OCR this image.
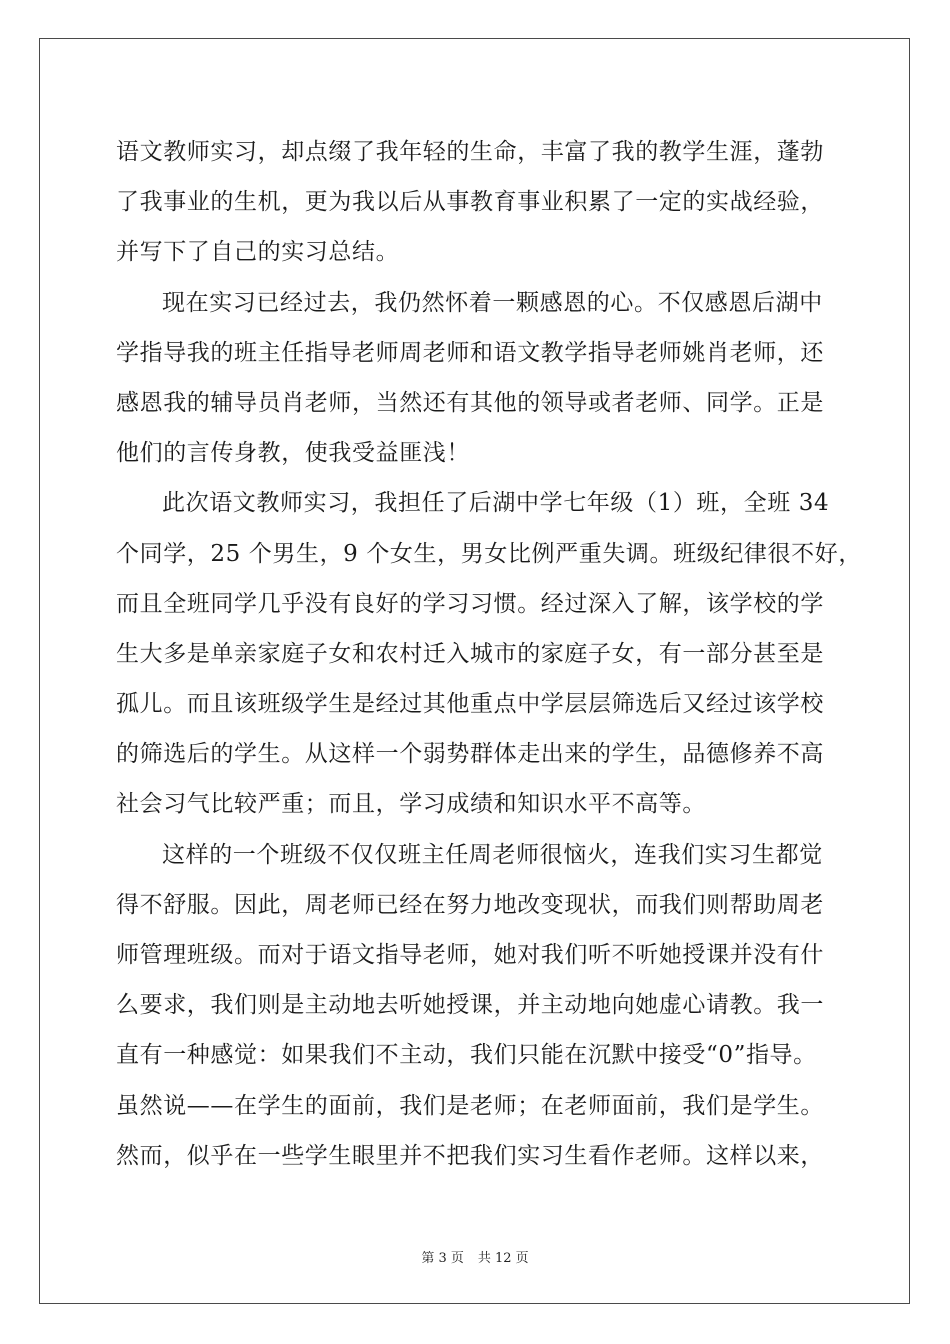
语文教师实习，却点缀了我年轻的生命，丰富了我的教学生涯，蓬勃
了我事业的生机，更为我以后从事教育事业积累了一定的实战经验，
并写下了自己的实习总结。
现在实习已经过去，我仍然怀着一颗感恩的心。不仅感恩后湖中
学指导我的班主任指导老师周老师和语文教学指导老师姚肖老师，还
感恩我的辅导员肖老师，当然还有其他的领导或者老师、同学。正是
他们的言传身教，使我受益匪浅！
此次语文教师实习，我担任了后湖中学七年级（1）班，全班 34
个同学，25 个男生，9 个女生，男女比例严重失调。班级纪律很不好，
而且全班同学几乎没有良好的学习习惯。经过深入了解，该学校的学
生大多是单亲家庭子女和农村迁入城市的家庭子女，有一部分甚至是
孤儿。而且该班级学生是经过其他重点中学层层筛选后又经过该学校
的筛选后的学生。从这样一个弱势群体走出来的学生，品德修养不高
社会习气比较严重；而且，学习成绩和知识水平不高等。
这样的一个班级不仅仅班主任周老师很恼火，连我们实习生都觉
得不舒服。因此，周老师已经在努力地改变现状，而我们则帮助周老
师管理班级。而对于语文指导老师，她对我们听不听她授课并没有什
么要求，我们则是主动地去听她授课，并主动地向她虚心请教。我一
直有一种感觉：如果我们不主动，我们只能在沉默中接受“0”指导。
虽然说——在学生的面前，我们是老师；在老师面前，我们是学生。
然而，似乎在一些学生眼里并不把我们实习生看作老师。这样以来，
第 3 页 共 12 页
